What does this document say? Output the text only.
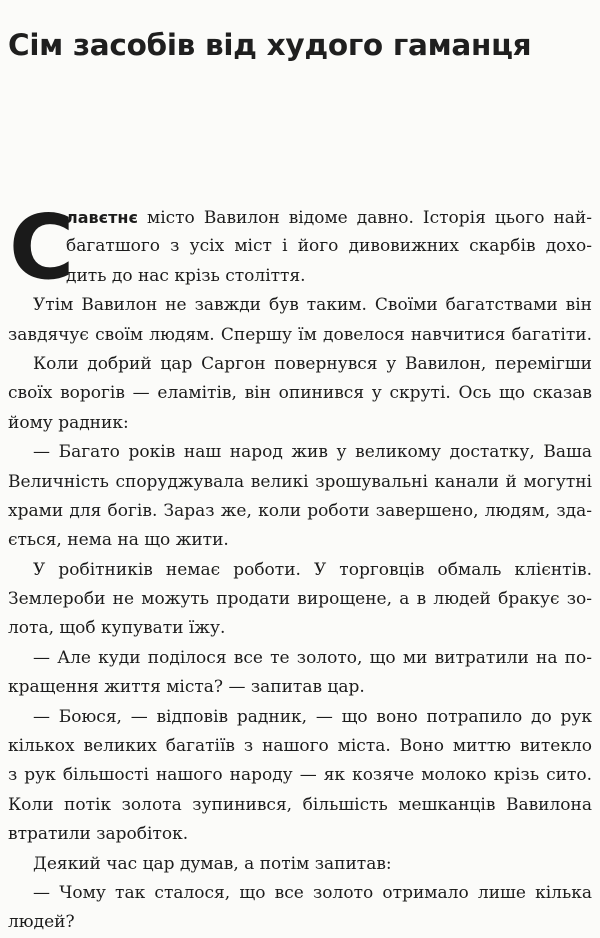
Сім засобів від худого гаманця
С
лавєтнє місто Вавилон відоме давно. Історія цього най-
багатшого з усіх міст і його дивовижних скарбів дохо-
дить до нас крізь століття.
Утім Вавилон не завжди був таким. Своїми багатствами він
завдячує своїм людям. Спершу їм довелося навчитися багатіти.
Коли добрий цар Саргон повернувся у Вавилон, перемігши
своїх ворогів — еламітів, він опинився у скруті. Ось що сказав
йому радник:
— Багато років наш народ жив у великому достатку, Ваша
Величність споруджувала великі зрошувальні канали й могутні
храми для богів. Зараз же, коли роботи завершено, людям, зда-
ється, нема на що жити.
У робітників немає роботи. У торговців обмаль клієнтів.
Землероби не можуть продати вирощене, а в людей бракує зо-
лота, щоб купувати їжу.
— Але куди поділося все те золото, що ми витратили на по-
кращення життя міста? — запитав цар.
— Боюся, — відповів радник, — що воно потрапило до рук
кількох великих багатіїв з нашого міста. Воно миттю витекло
з рук більшості нашого народу — як козяче молоко крізь сито.
Коли потік золота зупинився, більшість мешканців Вавилона
втратили заробіток.
Деякий час цар думав, а потім запитав:
— Чому так сталося, що все золото отримало лише кілька
людей?
